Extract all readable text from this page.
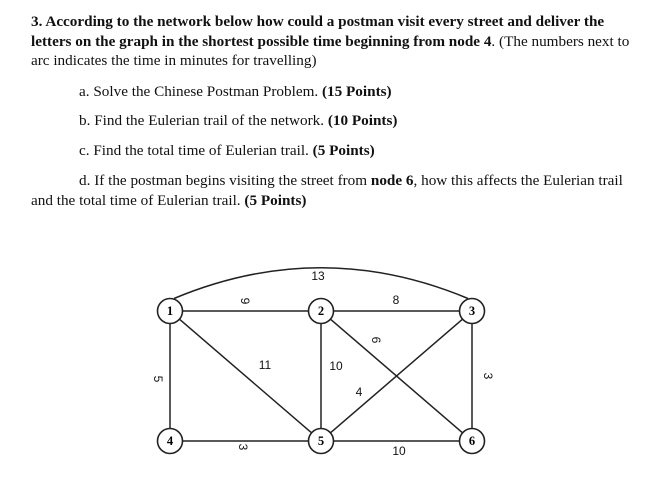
3. According to the network below how could a postman visit every street and deliver the letters on the graph in the shortest possible time beginning from node 4. (The numbers next to arc indicates the time in minutes for travelling)
a. Solve the Chinese Postman Problem. (15 Points)
b. Find the Eulerian trail of the network. (10 Points)
c. Find the total time of Eulerian trail. (5 Points)
d. If the postman begins visiting the street from node 6, how this affects the Eulerian trail and the total time of Eulerian trail. (5 Points)
13
9	8
5
11	10
6
4
3
3	10
1	2	3
4	5	6
